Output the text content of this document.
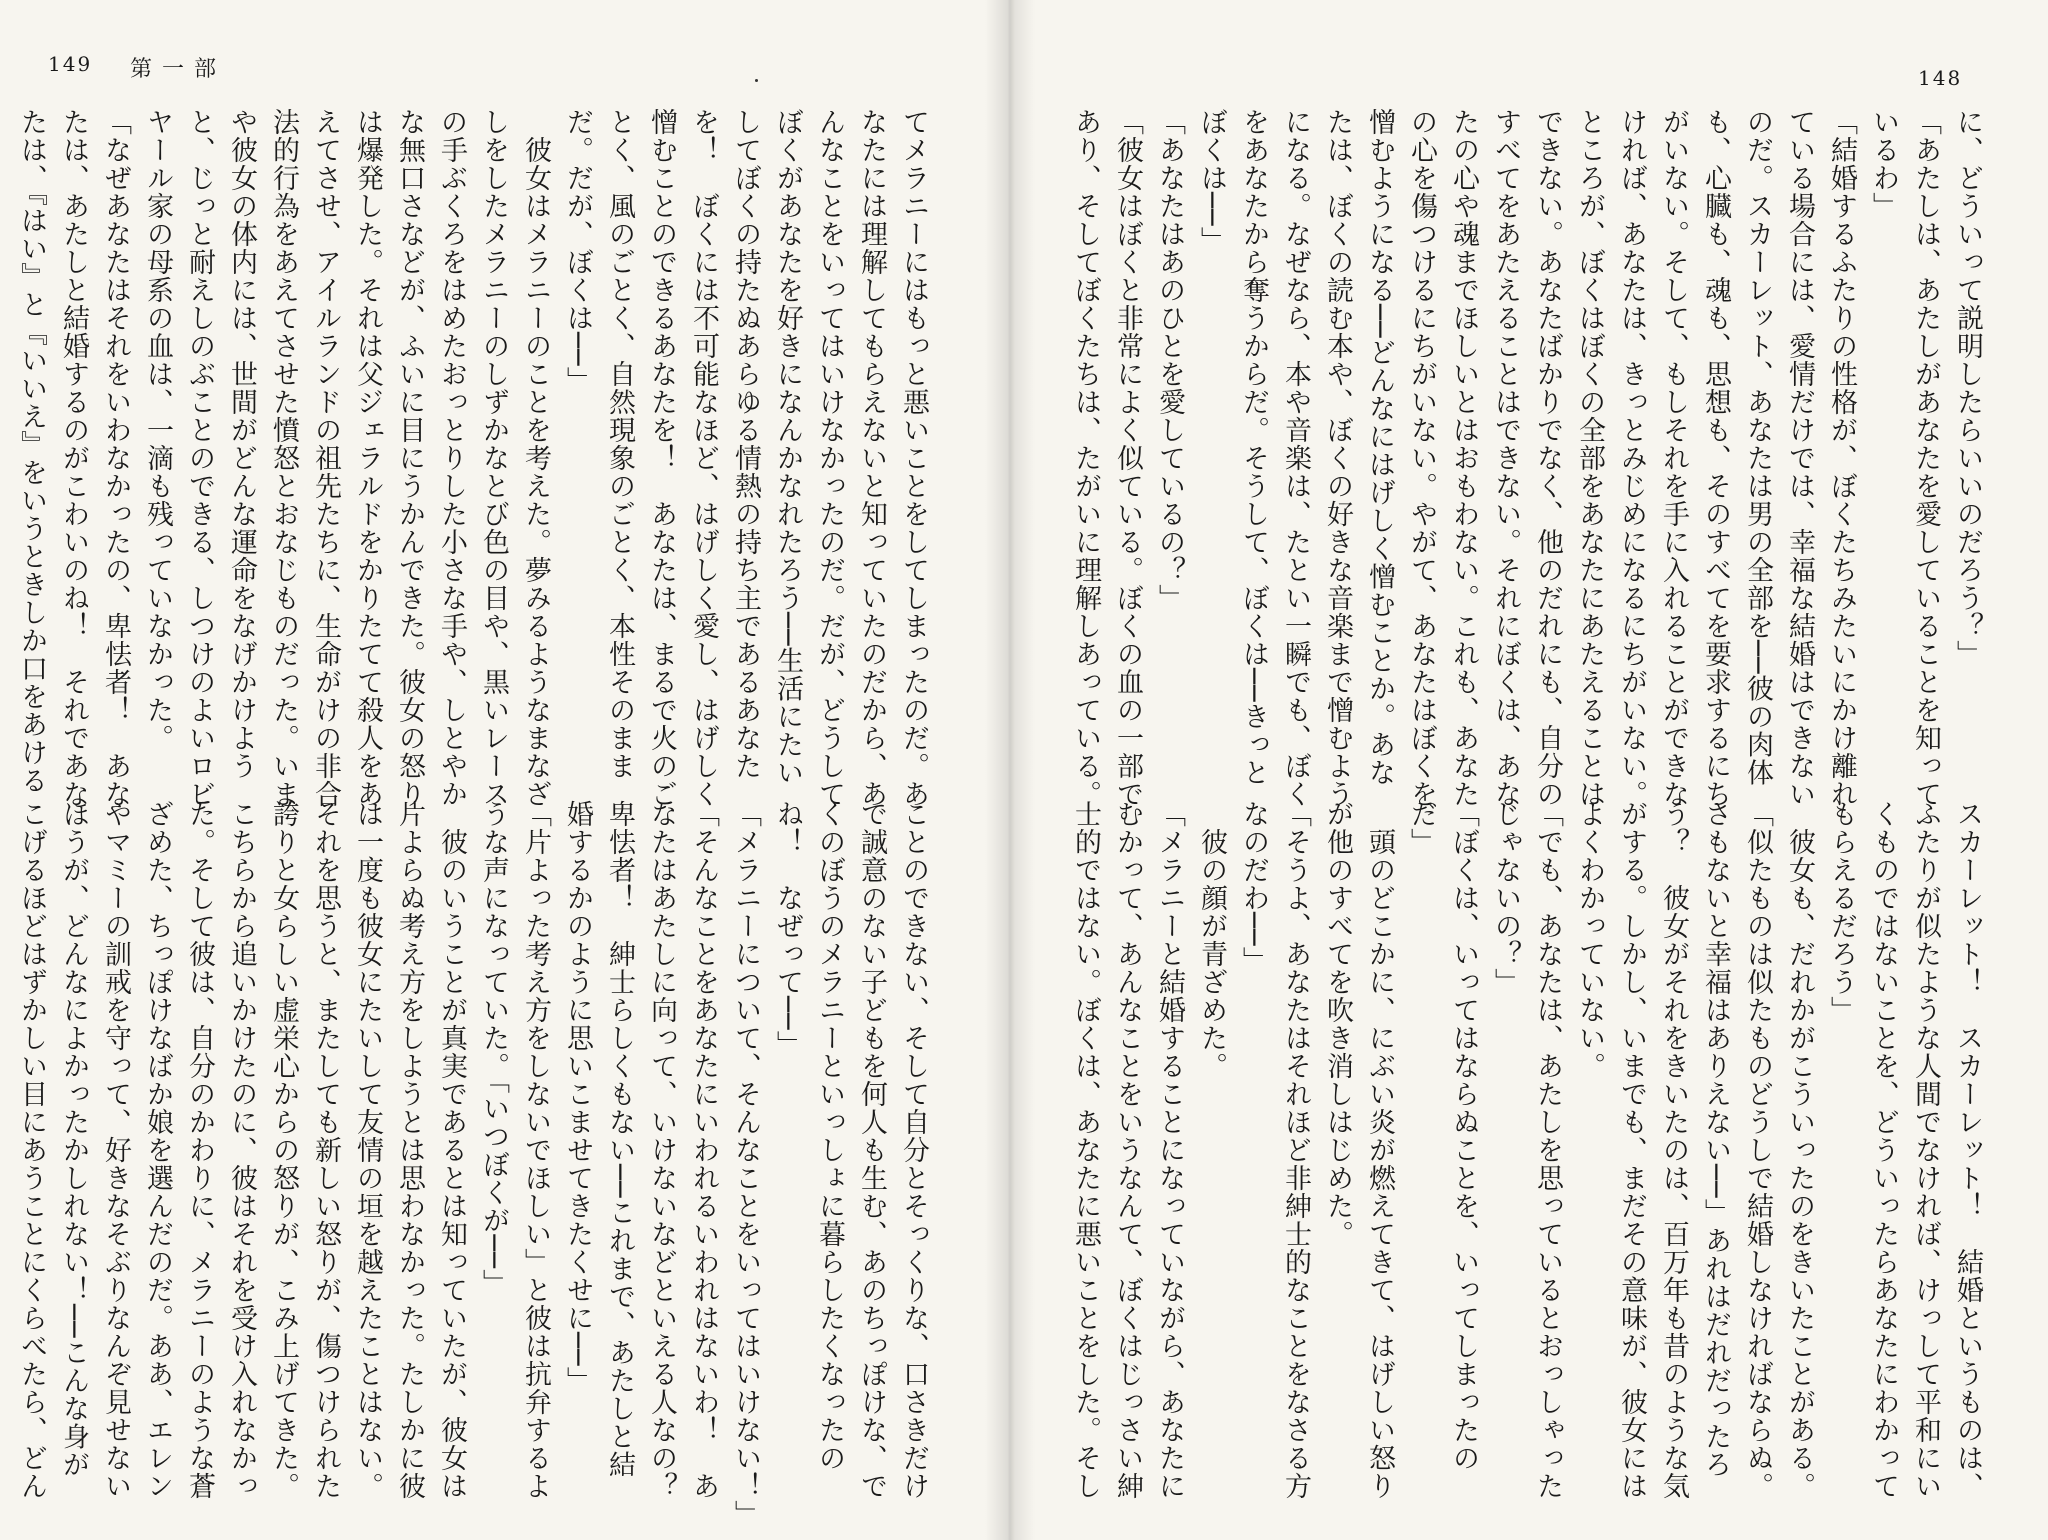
149 第一部	148
てメラニーにはもっと悪いことをしてしまったのだ。あ
なたには理解してもらえないと知っていたのだから、あ
んなことをいってはいけなかったのだ。だが、どうして
ぼくがあなたを好きになんかなれたろう──生活にたい
してぼくの持たぬあらゆる情熱の持ち主であるあなた
を！　ぼくには不可能なほど、はげしく愛し、はげしく
憎むことのできるあなたを！　あなたは、まるで火のご
とく、風のごとく、自然現象のごとく、本性そのまま
だ。だが、ぼくは──」
　彼女はメラニーのことを考えた。夢みるようなまなざ
しをしたメラニーのしずかなとび色の目や、黒いレース
の手ぶくろをはめたおっとりした小さな手や、しとやか
な無口さなどが、ふいに目にうかんできた。彼女の怒り
は爆発した。それは父ジェラルドをかりたてて殺人をあ
えてさせ、アイルランドの祖先たちに、生命がけの非合
法的行為をあえてさせた憤怒とおなじものだった。いま
や彼女の体内には、世間がどんな運命をなげかけよう
と、じっと耐えしのぶことのできる、しつけのよいロビ
ヤール家の母系の血は、一滴も残っていなかった。
「なぜあなたはそれをいわなかったの、卑怯者！　
たは、あたしと結婚するのがこわいのね！　それであな
たは、『はい』と『いいえ』をいうときしか口をあける
ことのできない、そして自分とそっくりな、口さきだけ
で誠意のない子どもを何人も生む、あのちっぽけな、で
くのぼうのメラニーといっしょに暮らしたくなったの
ね！　なぜって──」
「メラニーについて、そんなことをいってはいけない！」
「そんなことをあなたにいわれるいわれはないわ！　あ
なたはあたしに向って、いけないなどといえる人なの？
卑怯者！　紳士らしくもない──これまで、あたしと結
婚するかのように思いこませてきたくせに──」
「片よった考え方をしないでほしい」と彼は抗弁するよ
うな声になっていた。「いつぼくが──」
　彼のいうことが真実であるとは知っていたが、彼女は
片よらぬ考え方をしようとは思わなかった。たしかに彼
は一度も彼女にたいして友情の垣を越えたことはない。
それを思うと、またしても新しい怒りが、傷つけられた
誇りと女らしい虚栄心からの怒りが、こみ上げてきた。
こちらから追いかけたのに、彼はそれを受け入れなかっ
た。そして彼は、自分のかわりに、メラニーのような蒼
ざめた、ちっぽけなばか娘を選んだのだ。ああ、エレン
やマミーの訓戒を守って、好きなそぶりなんぞ見せない
ほうが、どんなによかったかしれない！──こんな身が
こげるほどはずかしい目にあうことにくらべたら、どん
に、どういって説明したらいいのだろう？」
「あたしは、あたしがあなたを愛していることを知って
いるわ」
「結婚するふたりの性格が、ぼくたちみたいにかけ離れ
ている場合には、愛情だけでは、幸福な結婚はできない
のだ。スカーレット、あなたは男の全部を──彼の肉体
も、心臓も、魂も、思想も、そのすべてを要求するにち
がいない。そして、もしそれを手に入れることができな
ければ、あなたは、きっとみじめになるにちがいない。
ところが、ぼくはぼくの全部をあなたにあたえることは
できない。あなたばかりでなく、他のだれにも、自分の
すべてをあたえることはできない。それにぼくは、あな
たの心や魂までほしいとはおもわない。これも、あなた
の心を傷つけるにちがいない。やがて、あなたはぼくを
憎むようになる──どんなにはげしく憎むことか。あな
たは、ぼくの読む本や、ぼくの好きな音楽まで憎むよう
になる。なぜなら、本や音楽は、たとい一瞬でも、ぼく
をあなたから奪うからだ。そうして、ぼくは──きっと
ぼくは──」
「あなたはあのひとを愛しているの？」
「彼女はぼくと非常によく似ている。ぼくの血の一部で
あり、そしてぼくたちは、たがいに理解しあっている。
スカーレット！　スカーレット！　結婚というものは、
ふたりが似たような人間でなければ、けっして平和にい
くものではないことを、どういったらあなたにわかって
もらえるだろう」
　彼女も、だれかがこういったのをきいたことがある。
「似たものは似たものどうしで結婚しなければならぬ。
さもないと幸福はありえない──」あれはだれだったろ
う？　彼女がそれをきいたのは、百万年も昔のような気
がする。しかし、いまでも、まだその意味が、彼女には
よくわかっていない。
「でも、あなたは、あたしを思っているとおっしゃった
じゃないの？」
「ぼくは、いってはならぬことを、いってしまったの
だ」
　頭のどこかに、にぶい炎が燃えてきて、はげしい怒り
が他のすべてを吹き消しはじめた。
「そうよ、あなたはそれほど非紳士的なことをなさる方
なのだわ──」
　彼の顔が青ざめた。
「メラニーと結婚することになっていながら、あなたに
むかって、あんなことをいうなんて、ぼくはじっさい紳
士的ではない。ぼくは、あなたに悪いことをした。そし
